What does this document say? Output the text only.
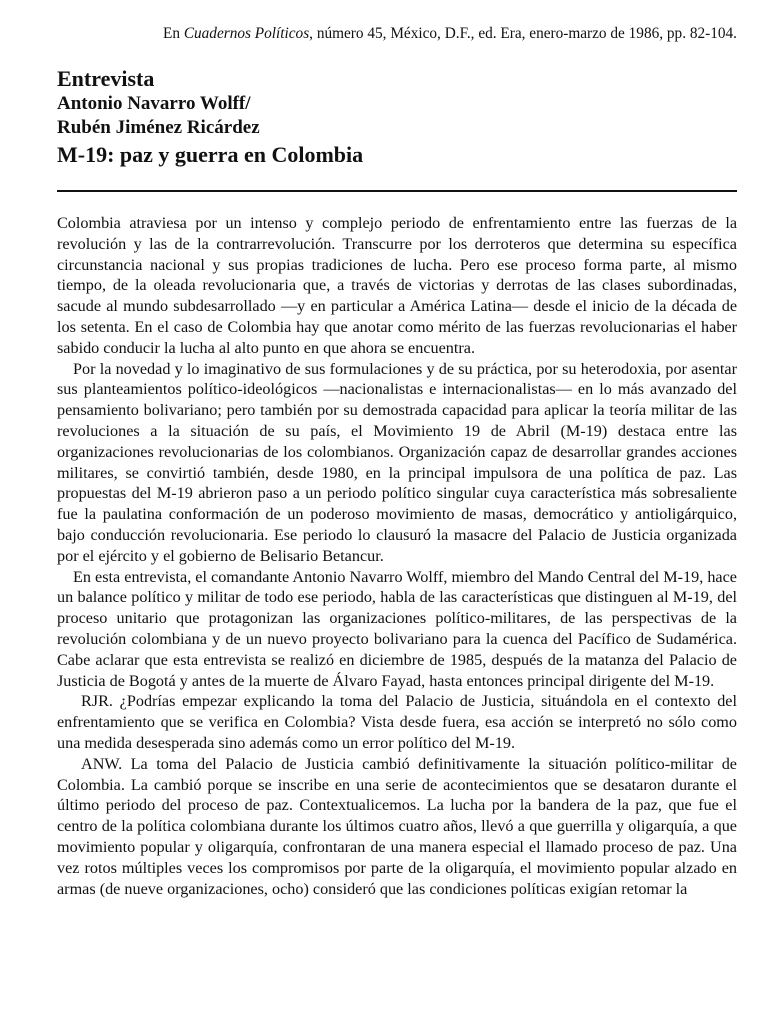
En Cuadernos Políticos, número 45, México, D.F., ed. Era, enero-marzo de 1986, pp. 82-104.

Entrevista
Antonio Navarro Wolff/
Rubén Jiménez Ricárdez
M-19: paz y guerra en Colombia

Colombia atraviesa por un intenso y complejo periodo de enfrentamiento entre las fuerzas de la revolución y las de la contrarrevolución. Transcurre por los derroteros que determina su específica circunstancia nacional y sus propias tradiciones de lucha. Pero ese proceso forma parte, al mismo tiempo, de la oleada revolucionaria que, a través de victorias y derrotas de las clases subordinadas, sacude al mundo subdesarrollado —y en particular a América Latina— desde el inicio de la década de los setenta. En el caso de Colombia hay que anotar como mérito de las fuerzas revolucionarias el haber sabido conducir la lucha al alto punto en que ahora se encuentra.

Por la novedad y lo imaginativo de sus formulaciones y de su práctica, por su heterodoxia, por asentar sus planteamientos político-ideológicos —nacionalistas e internacionalistas— en lo más avanzado del pensamiento bolivariano; pero también por su demostrada capacidad para aplicar la teoría militar de las revoluciones a la situación de su país, el Movimiento 19 de Abril (M-19) destaca entre las organizaciones revolucionarias de los colombianos. Organización capaz de desarrollar grandes acciones militares, se convirtió también, desde 1980, en la principal impulsora de una política de paz. Las propuestas del M-19 abrieron paso a un periodo político singular cuya característica más sobresaliente fue la paulatina conformación de un poderoso movimiento de masas, democrático y antioligárquico, bajo conducción revolucionaria. Ese periodo lo clausuró la masacre del Palacio de Justicia organizada por el ejército y el gobierno de Belisario Betancur.

En esta entrevista, el comandante Antonio Navarro Wolff, miembro del Mando Central del M-19, hace un balance político y militar de todo ese periodo, habla de las características que distinguen al M-19, del proceso unitario que protagonizan las organizaciones político-militares, de las perspectivas de la revolución colombiana y de un nuevo proyecto bolivariano para la cuenca del Pacífico de Sudamérica. Cabe aclarar que esta entrevista se realizó en diciembre de 1985, después de la matanza del Palacio de Justicia de Bogotá y antes de la muerte de Álvaro Fayad, hasta entonces principal dirigente del M-19.

RJR. ¿Podrías empezar explicando la toma del Palacio de Justicia, situándola en el contexto del enfrentamiento que se verifica en Colombia? Vista desde fuera, esa acción se interpretó no sólo como una medida desesperada sino además como un error político del M-19.

ANW. La toma del Palacio de Justicia cambió definitivamente la situación político-militar de Colombia. La cambió porque se inscribe en una serie de acontecimientos que se desataron durante el último periodo del proceso de paz. Contextualicemos. La lucha por la bandera de la paz, que fue el centro de la política colombiana durante los últimos cuatro años, llevó a que guerrilla y oligarquía, a que movimiento popular y oligarquía, confrontaran de una manera especial el llamado proceso de paz. Una vez rotos múltiples veces los compromisos por parte de la oligarquía, el movimiento popular alzado en armas (de nueve organizaciones, ocho) consideró que las condiciones políticas exigían retomar la
